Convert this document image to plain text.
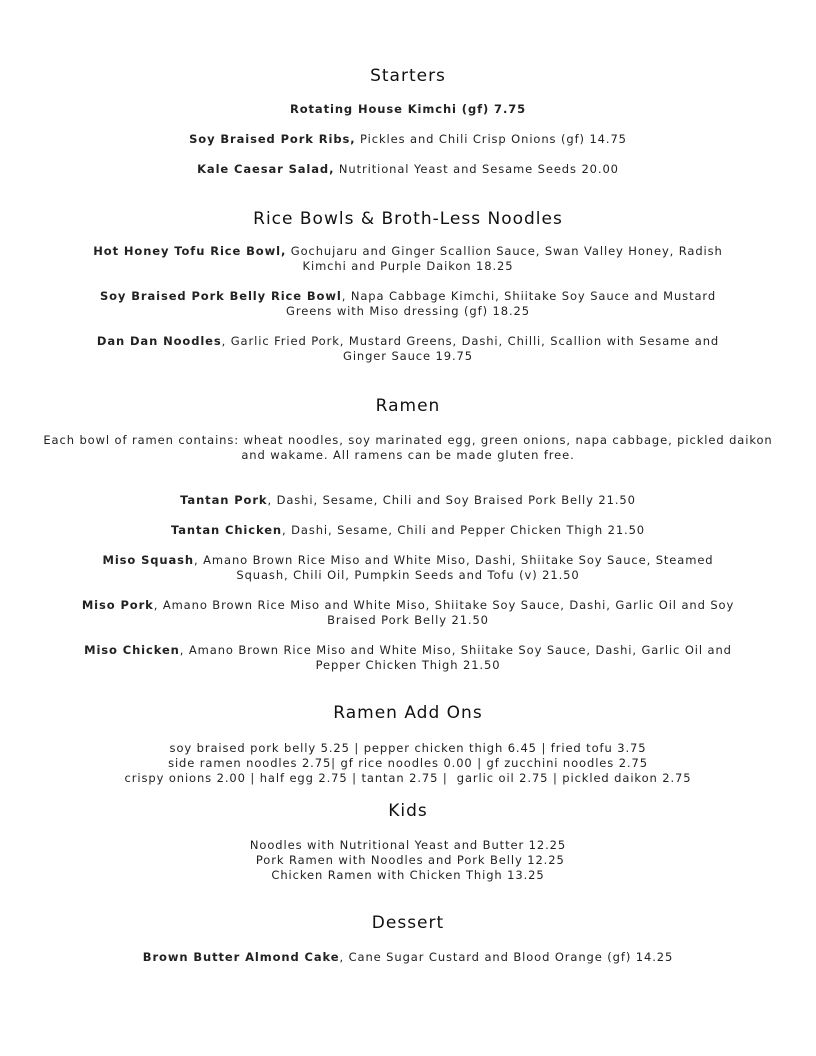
Starters

Rotating House Kimchi (gf) 7.75

Soy Braised Pork Ribs, Pickles and Chili Crisp Onions (gf) 14.75

Kale Caesar Salad, Nutritional Yeast and Sesame Seeds 20.00

Rice Bowls & Broth-Less Noodles

Hot Honey Tofu Rice Bowl, Gochujaru and Ginger Scallion Sauce, Swan Valley Honey, Radish Kimchi and Purple Daikon 18.25

Soy Braised Pork Belly Rice Bowl, Napa Cabbage Kimchi, Shiitake Soy Sauce and Mustard Greens with Miso dressing (gf) 18.25

Dan Dan Noodles, Garlic Fried Pork, Mustard Greens, Dashi, Chilli, Scallion with Sesame and Ginger Sauce 19.75

Ramen

Each bowl of ramen contains: wheat noodles, soy marinated egg, green onions, napa cabbage, pickled daikon and wakame. All ramens can be made gluten free.

Tantan Pork, Dashi, Sesame, Chili and Soy Braised Pork Belly 21.50

Tantan Chicken, Dashi, Sesame, Chili and Pepper Chicken Thigh 21.50

Miso Squash, Amano Brown Rice Miso and White Miso, Dashi, Shiitake Soy Sauce, Steamed Squash, Chili Oil, Pumpkin Seeds and Tofu (v) 21.50

Miso Pork, Amano Brown Rice Miso and White Miso, Shiitake Soy Sauce, Dashi, Garlic Oil and Soy Braised Pork Belly 21.50

Miso Chicken, Amano Brown Rice Miso and White Miso, Shiitake Soy Sauce, Dashi, Garlic Oil and Pepper Chicken Thigh 21.50

Ramen Add Ons

soy braised pork belly 5.25 | pepper chicken thigh 6.45 | fried tofu 3.75

side ramen noodles 2.75| gf rice noodles 0.00 | gf zucchini noodles 2.75

crispy onions 2.00 | half egg 2.75 | tantan 2.75 |  garlic oil 2.75 | pickled daikon 2.75

Kids

Noodles with Nutritional Yeast and Butter 12.25

Pork Ramen with Noodles and Pork Belly 12.25

Chicken Ramen with Chicken Thigh 13.25

Dessert

Brown Butter Almond Cake, Cane Sugar Custard and Blood Orange (gf) 14.25
